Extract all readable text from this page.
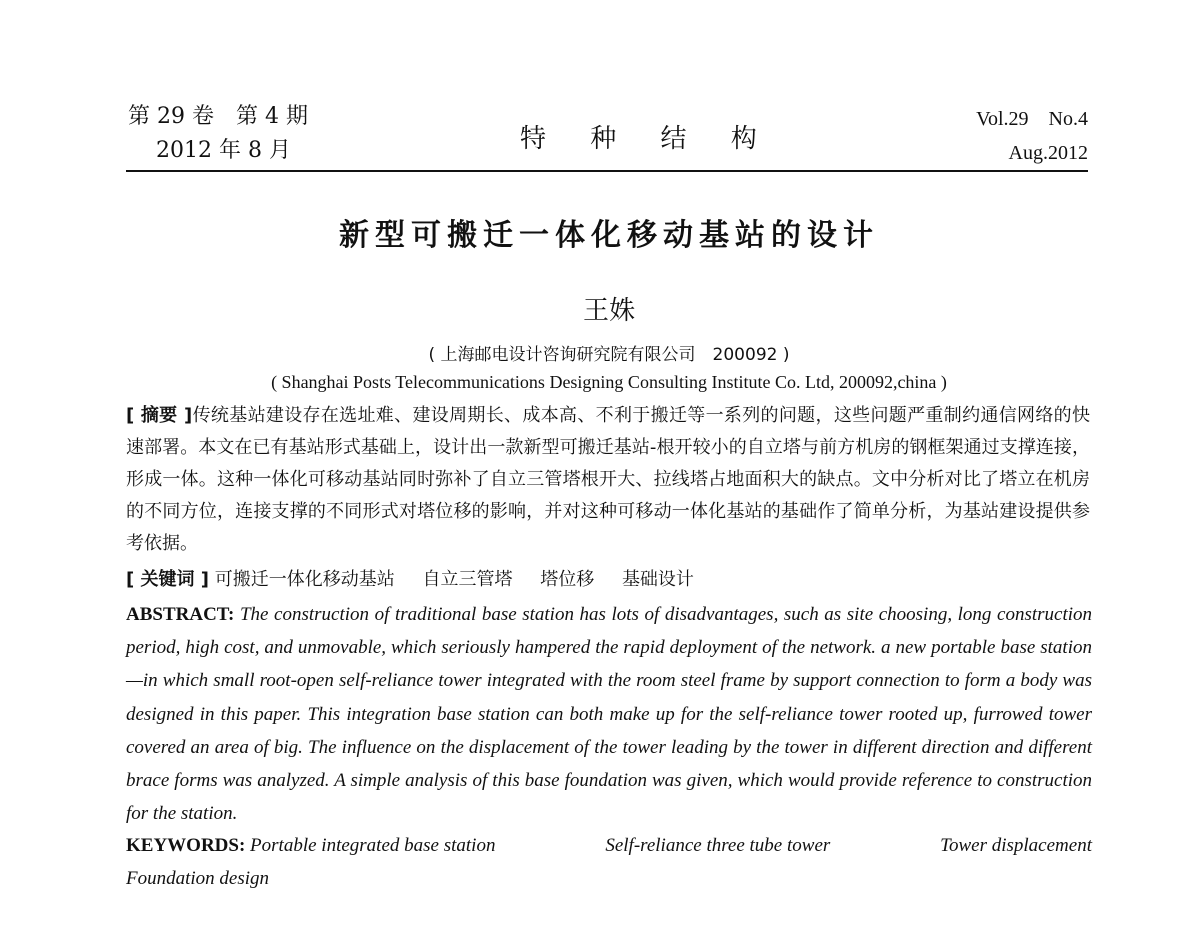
第 29 卷　第 4 期
2012 年 8 月	特 种 结 构
Vol.29　No.4
Aug.2012
新型可搬迁一体化移动基站的设计
王姝
( 上海邮电设计咨询研究院有限公司　200092 )
( Shanghai Posts Telecommunications Designing Consulting Institute Co. Ltd, 200092,china )
[ 摘要 ]传统基站建设存在选址难、建设周期长、成本高、不利于搬迁等一系列的问题，这些问题严重制约通信网络的快速部署。本文在已有基站形式基础上，设计出一款新型可搬迁基站-根开较小的自立塔与前方机房的钢框架通过支撑连接，形成一体。这种一体化可移动基站同时弥补了自立三管塔根开大、拉线塔占地面积大的缺点。文中分析对比了塔立在机房的不同方位，连接支撑的不同形式对塔位移的影响，并对这种可移动一体化基站的基础作了简单分析，为基站建设提供参考依据。
[ 关键词 ] 可搬迁一体化移动基站 自立三管塔 塔位移 基础设计
ABSTRACT: The construction of traditional base station has lots of disadvantages, such as site choosing, long construction period, high cost, and unmovable, which seriously hampered the rapid deployment of the network. a new portable base station —in which small root-open self-reliance tower integrated with the room steel frame by support connection to form a body was designed in this paper. This integration base station can both make up for the self-reliance tower rooted up, furrowed tower covered an area of big. The influence on the displacement of the tower leading by the tower in different direction and different brace forms was analyzed. A simple analysis of this base foundation was given, which would provide reference to construction for the station.
KEYWORDS: Portable integrated base station	Self-reliance three tube tower	Tower displacement
Foundation design
